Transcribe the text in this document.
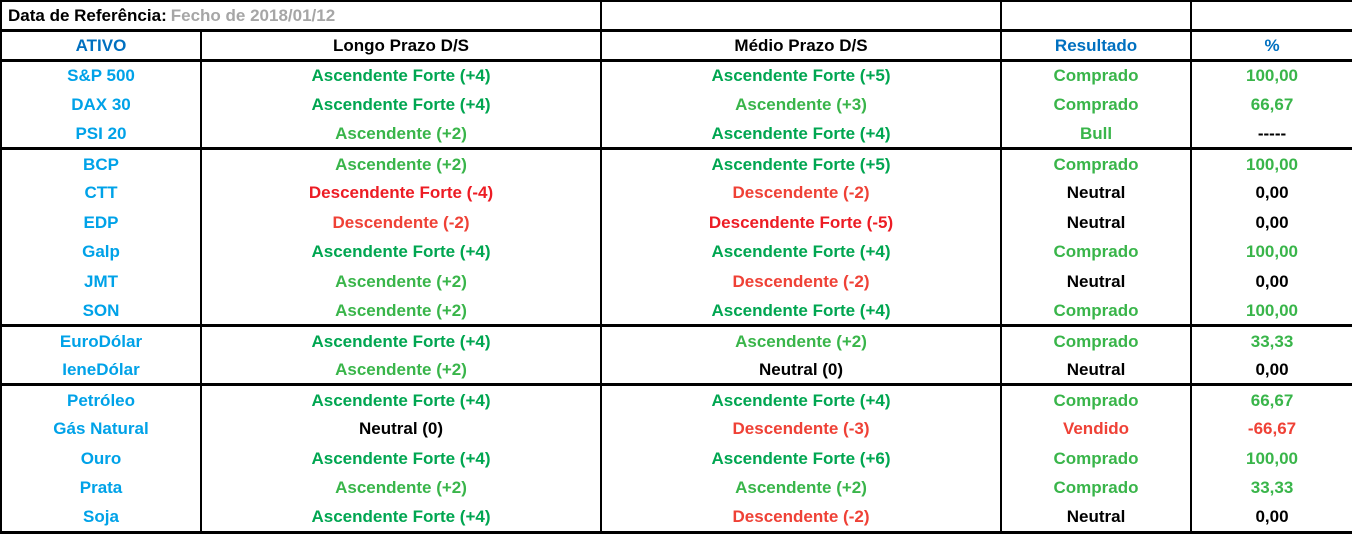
Data de Referência: Fecho de 2018/01/12				
ATIVO	Longo Prazo D/S	Médio Prazo D/S	Resultado	%
S&P 500	Ascendente Forte (+4)	Ascendente Forte (+5)	Comprado	100,00
DAX 30	Ascendente Forte (+4)	Ascendente (+3)	Comprado	66,67
PSI 20	Ascendente (+2)	Ascendente Forte (+4)	Bull	-----
BCP	Ascendente (+2)	Ascendente Forte (+5)	Comprado	100,00
CTT	Descendente Forte (-4)	Descendente (-2)	Neutral	0,00
EDP	Descendente (-2)	Descendente Forte (-5)	Neutral	0,00
Galp	Ascendente Forte (+4)	Ascendente Forte (+4)	Comprado	100,00
JMT	Ascendente (+2)	Descendente (-2)	Neutral	0,00
SON	Ascendente (+2)	Ascendente Forte (+4)	Comprado	100,00
EuroDólar	Ascendente Forte (+4)	Ascendente (+2)	Comprado	33,33
IeneDólar	Ascendente (+2)	Neutral (0)	Neutral	0,00
Petróleo	Ascendente Forte (+4)	Ascendente Forte (+4)	Comprado	66,67
Gás Natural	Neutral (0)	Descendente (-3)	Vendido	-66,67
Ouro	Ascendente Forte (+4)	Ascendente Forte (+6)	Comprado	100,00
Prata	Ascendente (+2)	Ascendente (+2)	Comprado	33,33
Soja	Ascendente Forte (+4)	Descendente (-2)	Neutral	0,00
